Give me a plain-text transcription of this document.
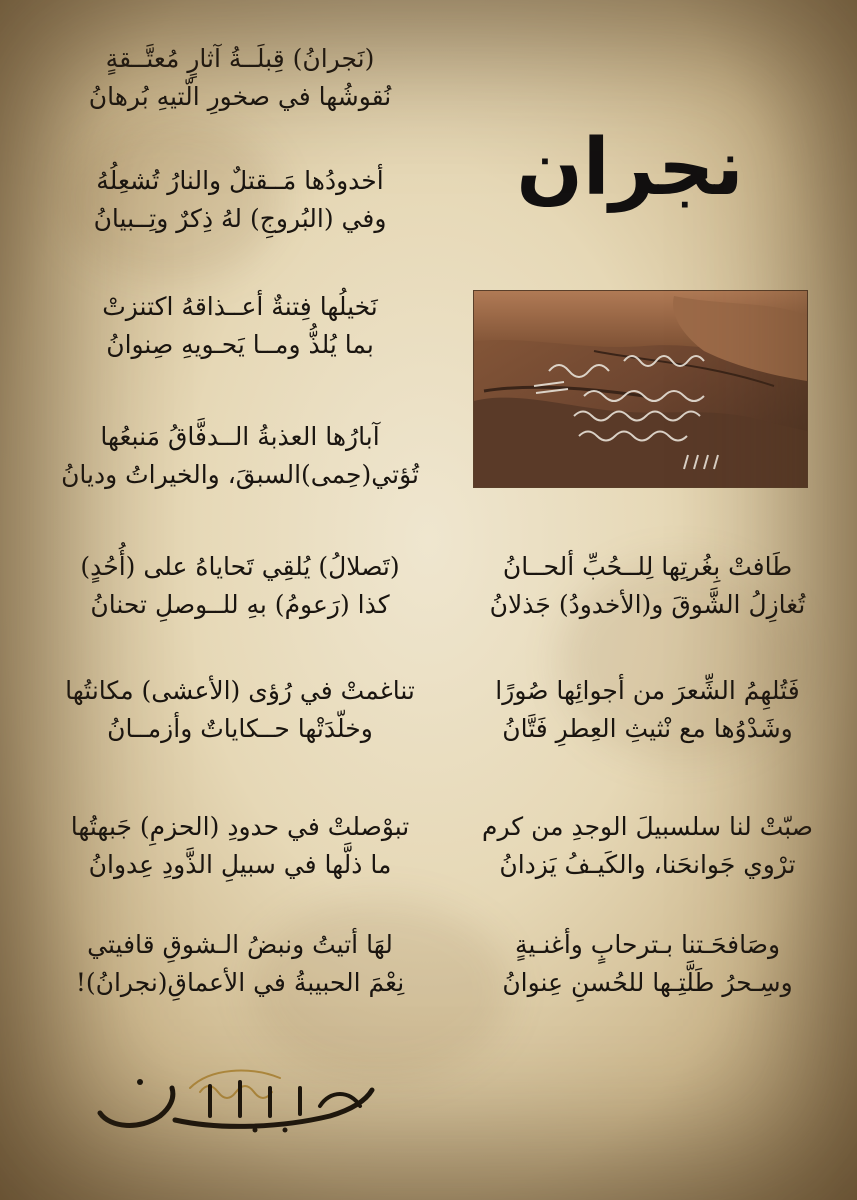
نجران
طَافتْ بِغُرتِها لِلــحُبِّ ألحــانُ
تُغازِلُ الشَّوقَ و(الأخدودُ) جَذلانُ
فَتُلهِمُ الشِّعرَ من أجوائِها صُورًا
وشَدْوُها مع نْثيثِ العِطرِ فَتَّانُ
صبّتْ لنا سلسبيلَ الوجدِ من كرم
ترْوي جَوانحَنا، والكَيـفُ يَزدانُ
وصَافحَـتنا بـترحابٍ وأغنـيةٍ
وسِـحرُ طَلَّتِـها للحُسنِ عِنوانُ
(نَجرانُ) قِبلَــةُ آثارٍ مُعتَّــقةٍ
نُقوشُها في صخورِ الّتيهِ بُرهانُ
أخدودُها مَــقتلٌ والنارُ تُشعِلُهُ
وفي (البُروجِ) لهُ ذِكرٌ وتِــبيانُ
نَخيلُها فِتنةٌ أعــذاقهُ اكتنزتْ
بما يُلذُّ ومــا يَحـويهِ صِنوانُ
آبارُها العذبةُ الــدفَّاقُ مَنبعُها
تُؤتي(حِمى)السبقَ، والخيراتُ وديانُ
(تَصلالُ) يُلقِي تَحاياهُ على (أُحُدٍ)
كذا (رَعومُ) بهِ للــوصلِ تحنانُ
تناغمتْ في رُؤى (الأعشى) مكانتُها
وخلّدَتْها حــكاياتٌ وأزمــانُ
تبوْصلتْ في حدودِ (الحزمِ) جَبهتُها
ما ذلَّها في سبيلِ الذَّودِ عِدوانُ
لهَا أتيتُ ونبضُ الـشوقِ قافيتي
نِعْمَ الحبيبةُ في الأعماقِ(نجرانُ)!
